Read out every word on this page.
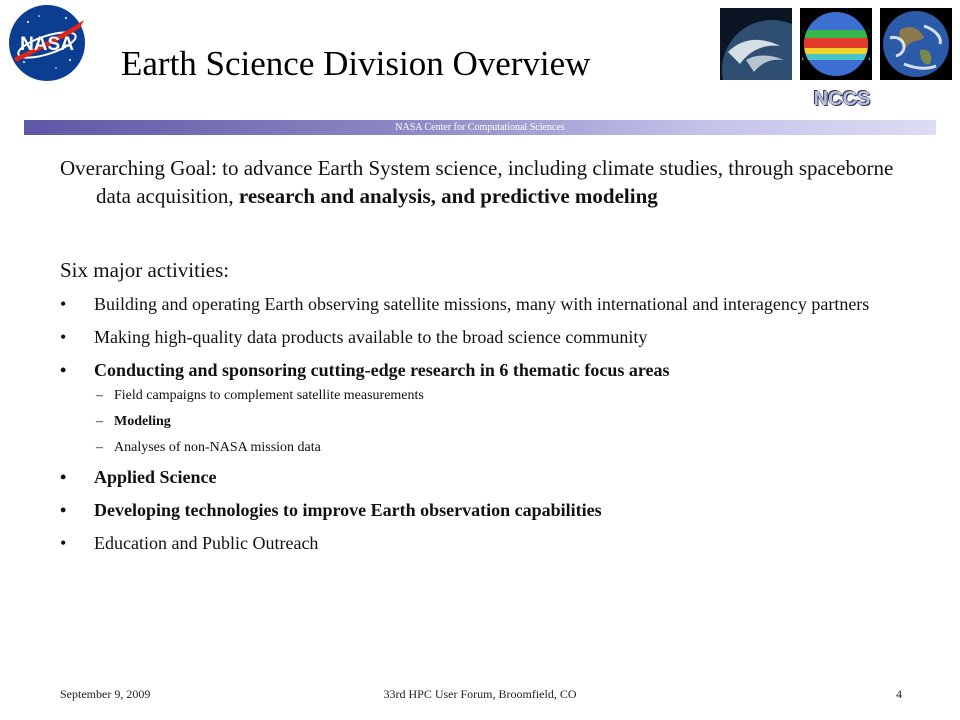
NASA Earth Science Division Overview
NCCS
NASA Center for Computational Sciences

Overarching Goal: to advance Earth System science, including climate studies, through spaceborne data acquisition, research and analysis, and predictive modeling

Six major activities:

• Building and operating Earth observing satellite missions, many with international and interagency partners
• Making high-quality data products available to the broad science community
• Conducting and sponsoring cutting-edge research in 6 thematic focus areas
– Field campaigns to complement satellite measurements
– Modeling
– Analyses of non-NASA mission data
• Applied Science
• Developing technologies to improve Earth observation capabilities
• Education and Public Outreach
September 9, 2009	33rd HPC User Forum, Broomfield, CO	4
